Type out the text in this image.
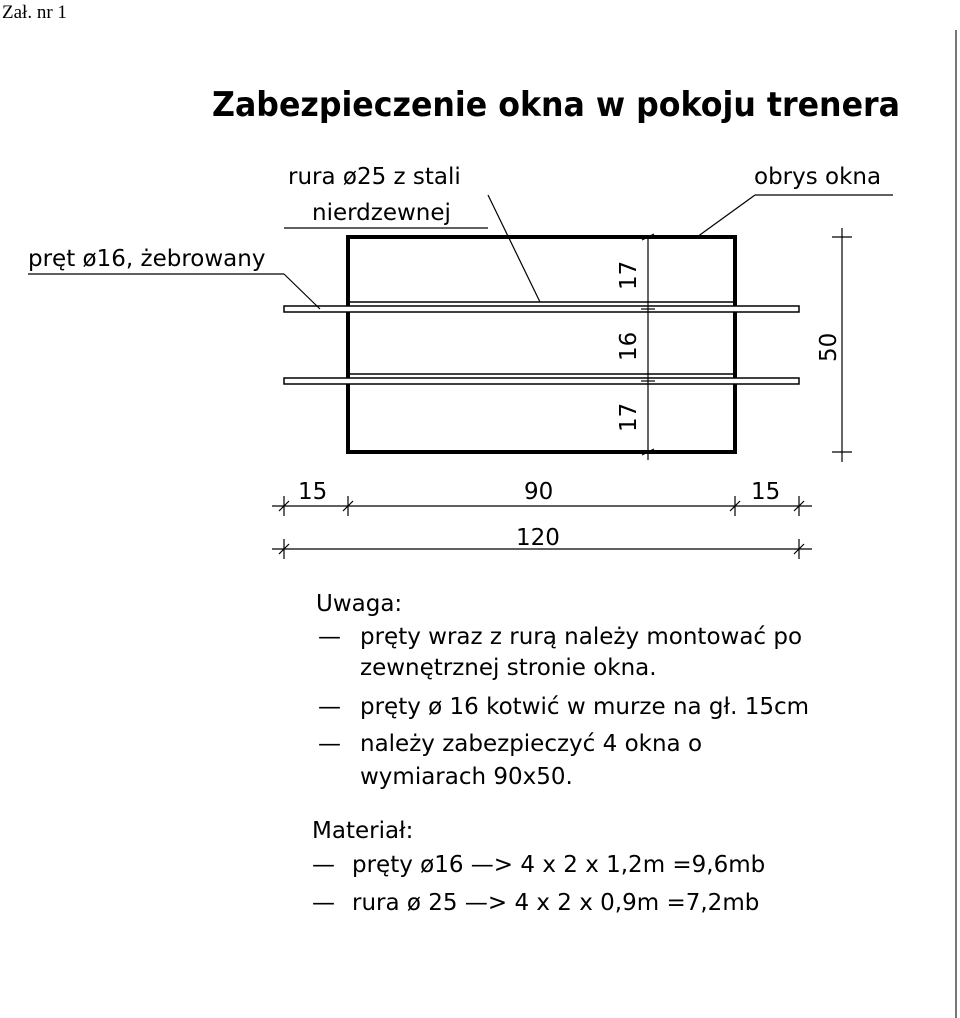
Zał. nr 1
Zabezpieczenie okna w pokoju trenera
rura ø25 z stali
nierdzewnej
obrys okna
pręt ø16, żebrowany
17
16
17
50
15	90	15
120
Uwaga:
— pręty wraz z rurą należy montować po
zewnętrznej stronie okna.
— pręty ø 16 kotwić w murze na gł. 15cm
— należy zabezpieczyć 4 okna o
wymiarach 90x50.
Materiał:
— pręty ø16 —> 4 x 2 x 1,2m =9,6mb
— rura ø 25 —> 4 x 2 x 0,9m =7,2mb
